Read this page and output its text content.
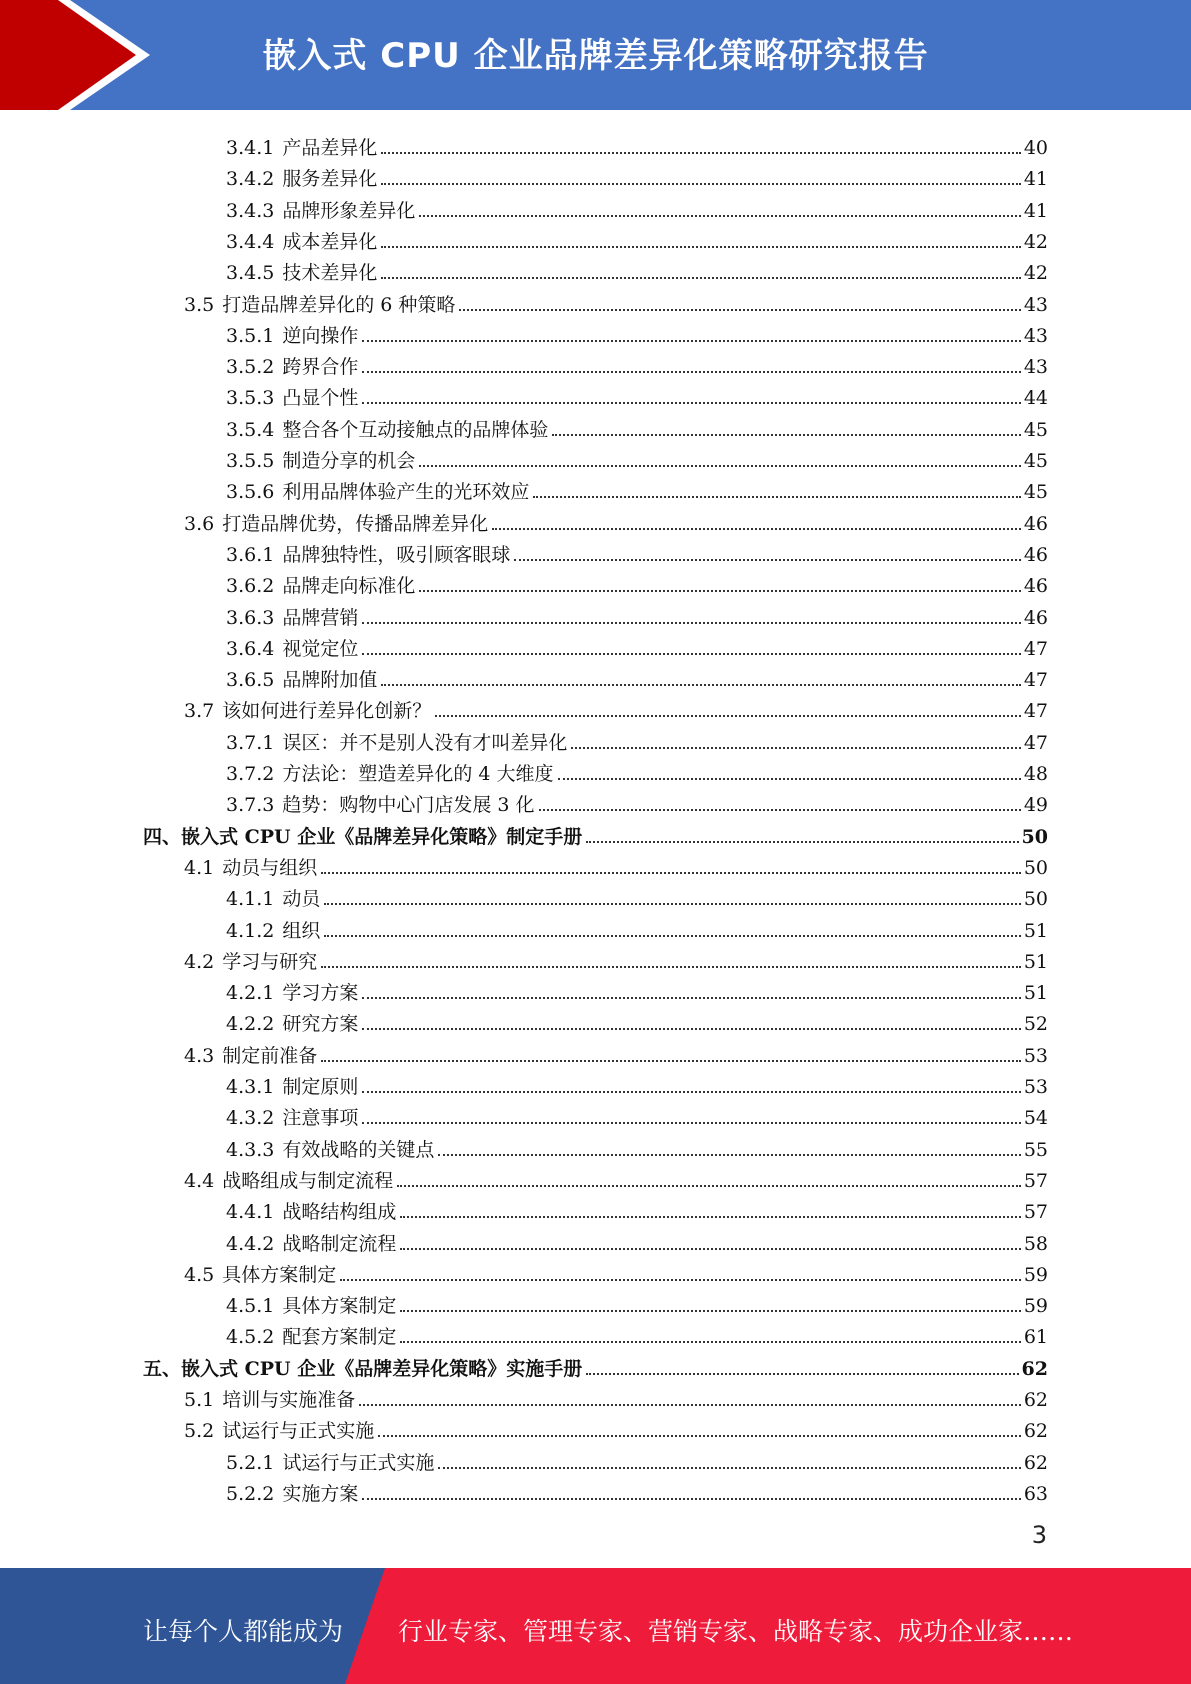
嵌入式 CPU 企业品牌差异化策略研究报告
3.4.1 产品差异化	40
3.4.2 服务差异化	41
3.4.3 品牌形象差异化	41
3.4.4 成本差异化	42
3.4.5 技术差异化	42
3.5 打造品牌差异化的 6 种策略	43
3.5.1 逆向操作	43
3.5.2 跨界合作	43
3.5.3 凸显个性	44
3.5.4 整合各个互动接触点的品牌体验	45
3.5.5 制造分享的机会	45
3.5.6 利用品牌体验产生的光环效应	45
3.6 打造品牌优势，传播品牌差异化	46
3.6.1 品牌独特性，吸引顾客眼球	46
3.6.2 品牌走向标准化	46
3.6.3 品牌营销	46
3.6.4 视觉定位	47
3.6.5 品牌附加值	47
3.7 该如何进行差异化创新？	47
3.7.1 误区：并不是别人没有才叫差异化	47
3.7.2 方法论：塑造差异化的 4 大维度	48
3.7.3 趋势：购物中心门店发展 3 化	49
四、 嵌入式 CPU 企业《品牌差异化策略》制定手册	50
4.1 动员与组织	50
4.1.1 动员	50
4.1.2 组织	51
4.2 学习与研究	51
4.2.1 学习方案	51
4.2.2 研究方案	52
4.3 制定前准备	53
4.3.1 制定原则	53
4.3.2 注意事项	54
4.3.3 有效战略的关键点	55
4.4 战略组成与制定流程	57
4.4.1 战略结构组成	57
4.4.2 战略制定流程	58
4.5 具体方案制定	59
4.5.1 具体方案制定	59
4.5.2 配套方案制定	61
五、 嵌入式 CPU 企业《品牌差异化策略》实施手册	62
5.1 培训与实施准备	62
5.2 试运行与正式实施	62
5.2.1 试运行与正式实施	62
5.2.2 实施方案	63
3
让每个人都能成为 行业专家、管理专家、营销专家、战略专家、成功企业家……
